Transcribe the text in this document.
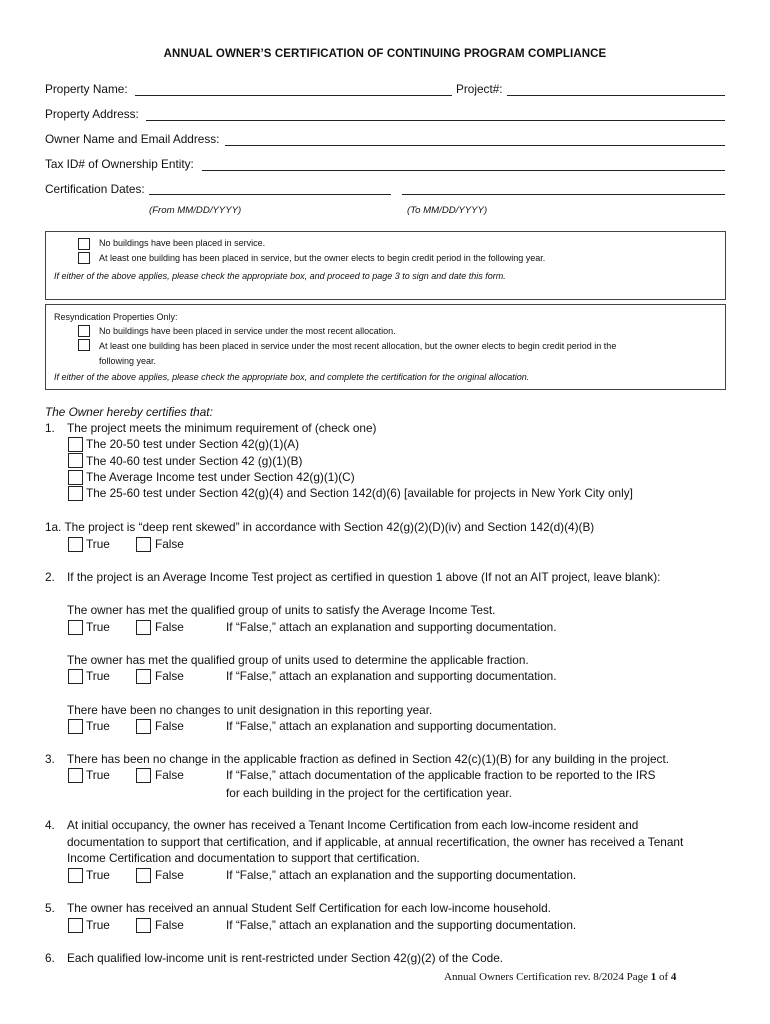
ANNUAL OWNER’S CERTIFICATION OF CONTINUING PROGRAM COMPLIANCE
Property Name:	Project#:
Property Address:
Owner Name and Email Address:
Tax ID# of Ownership Entity:
Certification Dates:
(From MM/DD/YYYY)	(To MM/DD/YYYY)
No buildings have been placed in service.
At least one building has been placed in service, but the owner elects to begin credit period in the following year.
If either of the above applies, please check the appropriate box, and proceed to page 3 to sign and date this form.
Resyndication Properties Only:
No buildings have been placed in service under the most recent allocation.
At least one building has been placed in service under the most recent allocation, but the owner elects to begin credit period in the
following year.
If either of the above applies, please check the appropriate box, and complete the certification for the original allocation.
The Owner hereby certifies that:
1. The project meets the minimum requirement of (check one)
The 20-50 test under Section 42(g)(1)(A)
The 40-60 test under Section 42 (g)(1)(B)
The Average Income test under Section 42(g)(1)(C)
The 25-60 test under Section 42(g)(4) and Section 142(d)(6) [available for projects in New York City only]
1a. The project is “deep rent skewed” in accordance with Section 42(g)(2)(D)(iv) and Section 142(d)(4)(B)
True	False
2. If the project is an Average Income Test project as certified in question 1 above (If not an AIT project, leave blank):
The owner has met the qualified group of units to satisfy the Average Income Test.
True	False	If “False,” attach an explanation and supporting documentation.
The owner has met the qualified group of units used to determine the applicable fraction.
True	False	If “False,” attach an explanation and supporting documentation.
There have been no changes to unit designation in this reporting year.
True	False	If “False,” attach an explanation and supporting documentation.
3. There has been no change in the applicable fraction as defined in Section 42(c)(1)(B) for any building in the project.
True	False	If “False,” attach documentation of the applicable fraction to be reported to the IRS
for each building in the project for the certification year.
4. At initial occupancy, the owner has received a Tenant Income Certification from each low-income resident and
documentation to support that certification, and if applicable, at annual recertification, the owner has received a Tenant
Income Certification and documentation to support that certification.
True	False	If “False,” attach an explanation and the supporting documentation.
5. The owner has received an annual Student Self Certification for each low-income household.
True	False	If “False,” attach an explanation and the supporting documentation.
6. Each qualified low-income unit is rent-restricted under Section 42(g)(2) of the Code.
Annual Owners Certification rev. 8/2024 Page 1 of 4
